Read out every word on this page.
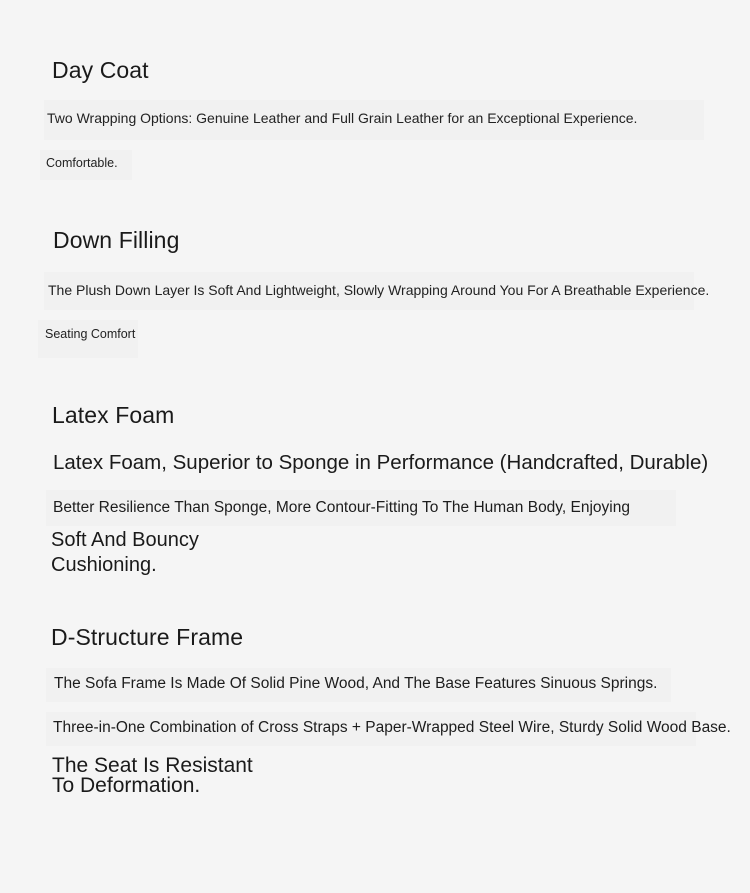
Day Coat
Two Wrapping Options: Genuine Leather and Full Grain Leather for an Exceptional Experience.
Comfortable.
Down Filling
The Plush Down Layer Is Soft And Lightweight, Slowly Wrapping Around You For A Breathable Experience.
Seating Comfort
Latex Foam
Latex Foam, Superior to Sponge in Performance (Handcrafted, Durable)
Better Resilience Than Sponge, More Contour-Fitting To The Human Body, Enjoying
Soft And Bouncy
Cushioning.
D-Structure Frame
The Sofa Frame Is Made Of Solid Pine Wood, And The Base Features Sinuous Springs.
Three-in-One Combination of Cross Straps + Paper-Wrapped Steel Wire, Sturdy Solid Wood Base.
The Seat Is Resistant
To Deformation.
